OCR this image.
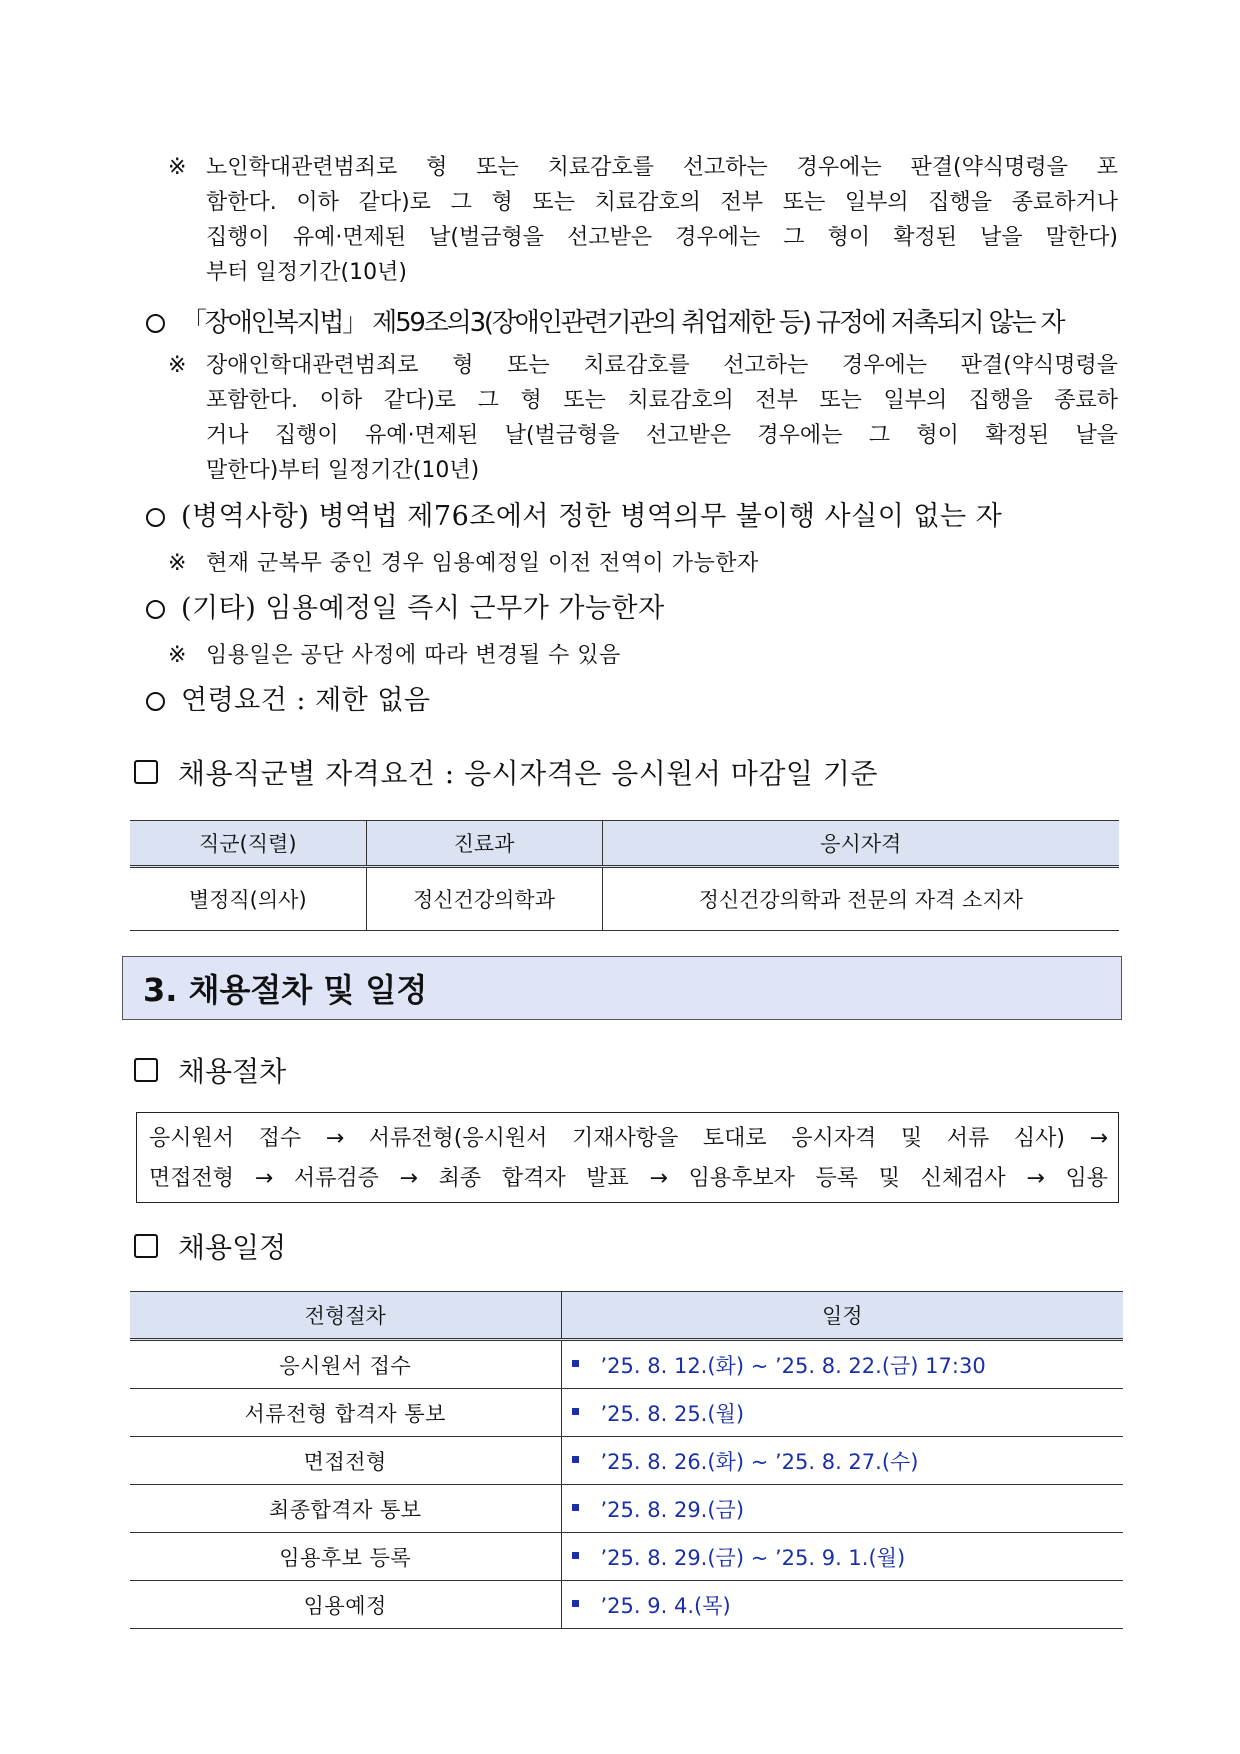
※ 노인학대관련범죄로 형 또는 치료감호를 선고하는 경우에는 판결(약식명령을 포
함한다. 이하 같다)로 그 형 또는 치료감호의 전부 또는 일부의 집행을 종료하거나
집행이 유예·면제된 날(벌금형을 선고받은 경우에는 그 형이 확정된 날을 말한다)
부터 일정기간(10년)
「장애인복지법」 제59조의3(장애인관련기관의 취업제한 등) 규정에 저촉되지 않는 자
※ 장애인학대관련범죄로 형 또는 치료감호를 선고하는 경우에는 판결(약식명령을
포함한다. 이하 같다)로 그 형 또는 치료감호의 전부 또는 일부의 집행을 종료하
거나 집행이 유예·면제된 날(벌금형을 선고받은 경우에는 그 형이 확정된 날을
말한다)부터 일정기간(10년)
(병역사항) 병역법 제76조에서 정한 병역의무 불이행 사실이 없는 자
※ 현재 군복무 중인 경우 임용예정일 이전 전역이 가능한자
(기타) 임용예정일 즉시 근무가 가능한자
※ 임용일은 공단 사정에 따라 변경될 수 있음
연령요건 : 제한 없음
채용직군별 자격요건 : 응시자격은 응시원서 마감일 기준
직군(직렬)	진료과	응시자격
별정직(의사)	정신건강의학과	정신건강의학과 전문의 자격 소지자
3. 채용절차 및 일정
채용절차
응시원서 접수 → 서류전형(응시원서 기재사항을 토대로 응시자격 및 서류 심사) →
면접전형 → 서류검증 → 최종 합격자 발표 → 임용후보자 등록 및 신체검사 → 임용
채용일정
전형절차	일정
응시원서 접수	’25. 8. 12.(화) ~ ’25. 8. 22.(금) 17:30
서류전형 합격자 통보	’25. 8. 25.(월)
면접전형	’25. 8. 26.(화) ~ ’25. 8. 27.(수)
최종합격자 통보	’25. 8. 29.(금)
임용후보 등록	’25. 8. 29.(금) ~ ’25. 9. 1.(월)
임용예정	’25. 9. 4.(목)
